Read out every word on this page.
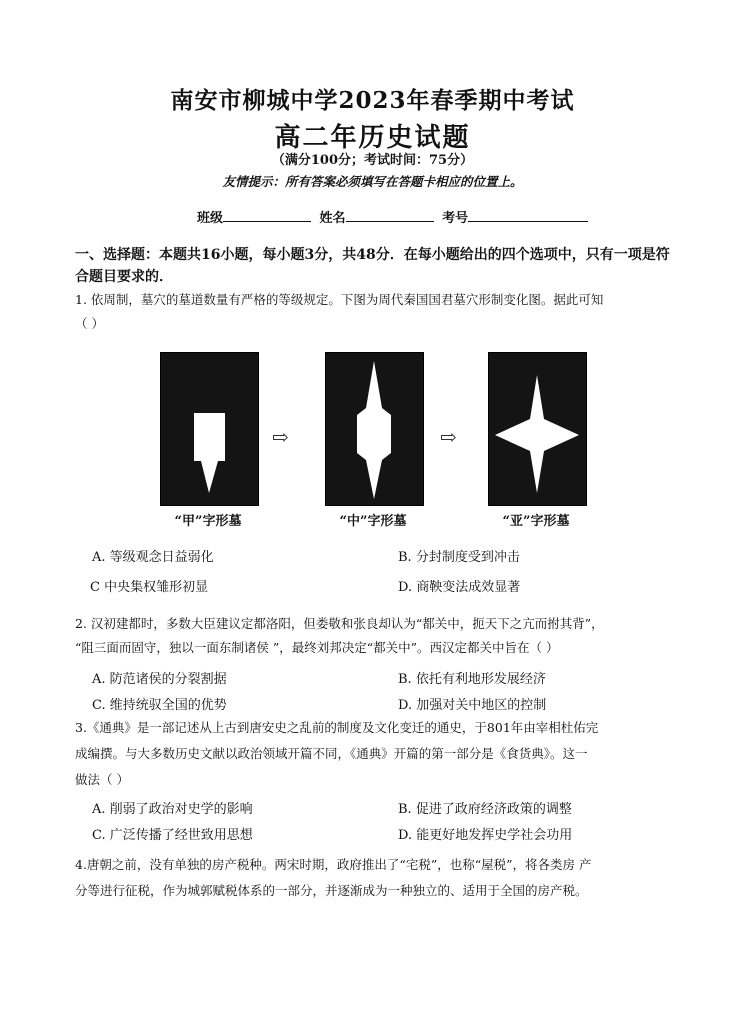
南安市柳城中学2023年春季期中考试
高二年历史试题
（满分100分；考试时间：75分）
友情提示：所有答案必须填写在答题卡相应的位置上。
班级	姓名	考号
一、选择题：本题共16小题，每小题3分，共48分．在每小题给出的四个选项中，只有一项是符合题目要求的．
1. 依周制，墓穴的墓道数量有严格的等级规定。下图为周代秦国国君墓穴形制变化图。据此可知
（ ）
⇨	⇨
“甲”字形墓	“中”字形墓	“亚”字形墓
A. 等级观念日益弱化	B. 分封制度受到冲击
C 中央集权雏形初显	D. 商鞅变法成效显著
2. 汉初建都时，多数大臣建议定都洛阳，但娄敬和张良却认为“都关中，扼天下之亢而拊其背”，
“阻三面而固守，独以一面东制诸侯 ”，最终刘邦决定“都关中”。西汉定都关中旨在（ ）
A. 防范诸侯的分裂割据	B. 依托有利地形发展经济
C. 维持统驭全国的优势	D. 加强对关中地区的控制
3.《通典》是一部记述从上古到唐安史之乱前的制度及文化变迁的通史，于801年由宰相杜佑完
成编撰。与大多数历史文献以政治领域开篇不同，《通典》开篇的第一部分是《食货典》。这一
做法（ ）
A. 削弱了政治对史学的影响	B. 促进了政府经济政策的调整
C. 广泛传播了经世致用思想	D. 能更好地发挥史学社会功用
4.唐朝之前，没有单独的房产税种。两宋时期，政府推出了“宅税”，也称“屋税”，将各类房 产
分等进行征税，作为城郭赋税体系的一部分，并逐渐成为一种独立的、适用于全国的房产税。
